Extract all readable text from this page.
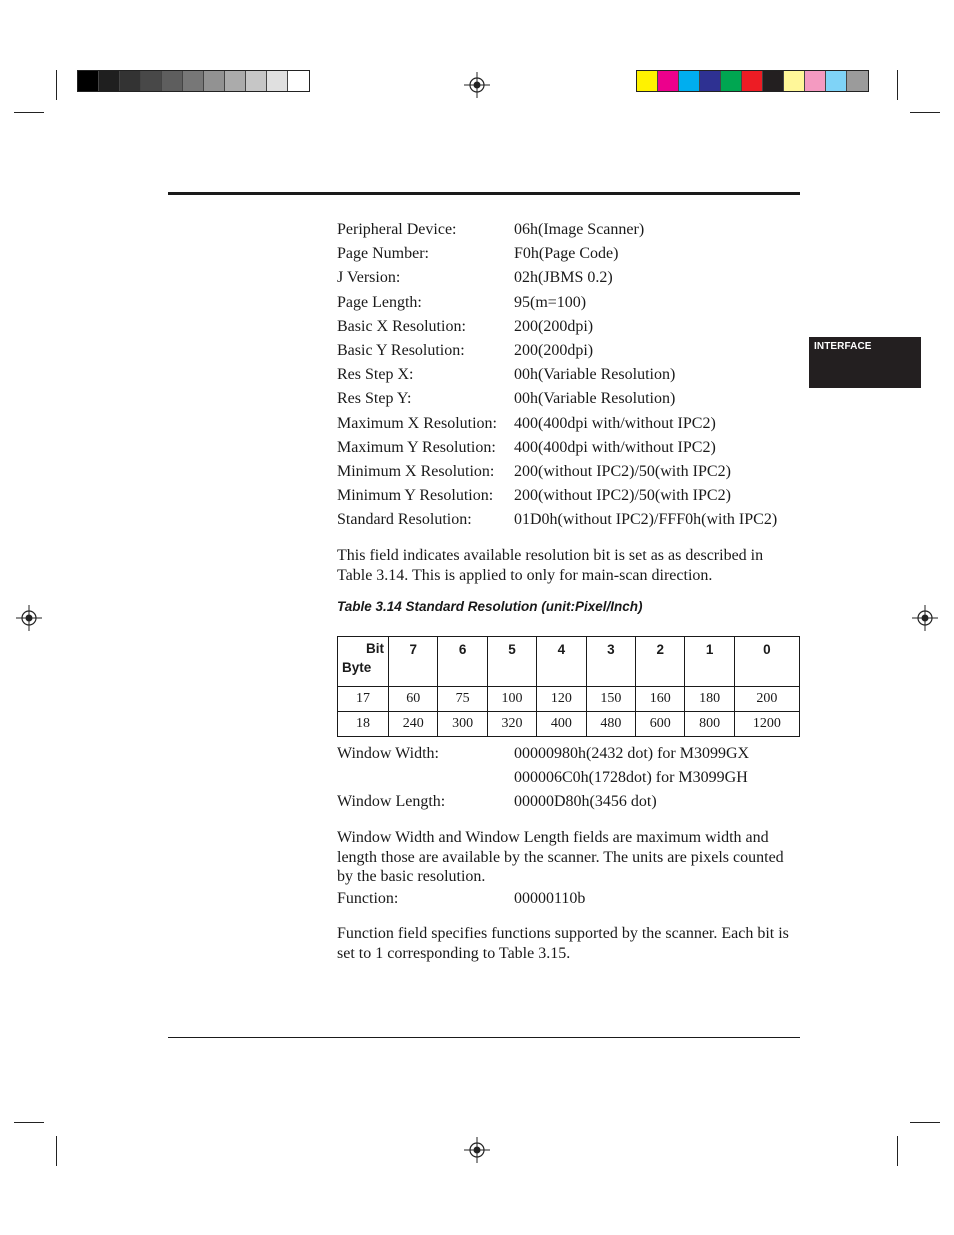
INTERFACE
Peripheral Device:	06h(Image Scanner)
Page Number:	F0h(Page Code)
J Version:	02h(JBMS 0.2)
Page Length:	95(m=100)
Basic X Resolution:	200(200dpi)
Basic Y Resolution:	200(200dpi)
Res Step X:	00h(Variable Resolution)
Res Step Y:	00h(Variable Resolution)
Maximum X Resolution: 400(400dpi with/without IPC2)
Maximum Y Resolution: 400(400dpi with/without IPC2)
Minimum X Resolution: 200(without IPC2)/50(with IPC2)
Minimum Y Resolution: 200(without IPC2)/50(with IPC2)
Standard Resolution:	01D0h(without IPC2)/FFF0h(with IPC2)
This field indicates available resolution bit is set as as described in Table 3.14. This is applied to only for main-scan direction.
Table 3.14 Standard Resolution (unit:Pixel/Inch)
Window Width:	00000980h(2432 dot) for M3099GX
000006C0h(1728dot) for M3099GH
Window Length:	00000D80h(3456 dot)
Window Width and Window Length fields are maximum width and length those are available by the scanner. The units are pixels counted by the basic resolution.
Function:	00000110b
Function field specifies functions supported by the scanner. Each bit is set to 1 corresponding to Table 3.15.
Bit
Byte	7	6	5	4	3	2	1	0
17	60	75	100	120	150	160	180	200
18	240	300	320	400	480	600	800	1200
